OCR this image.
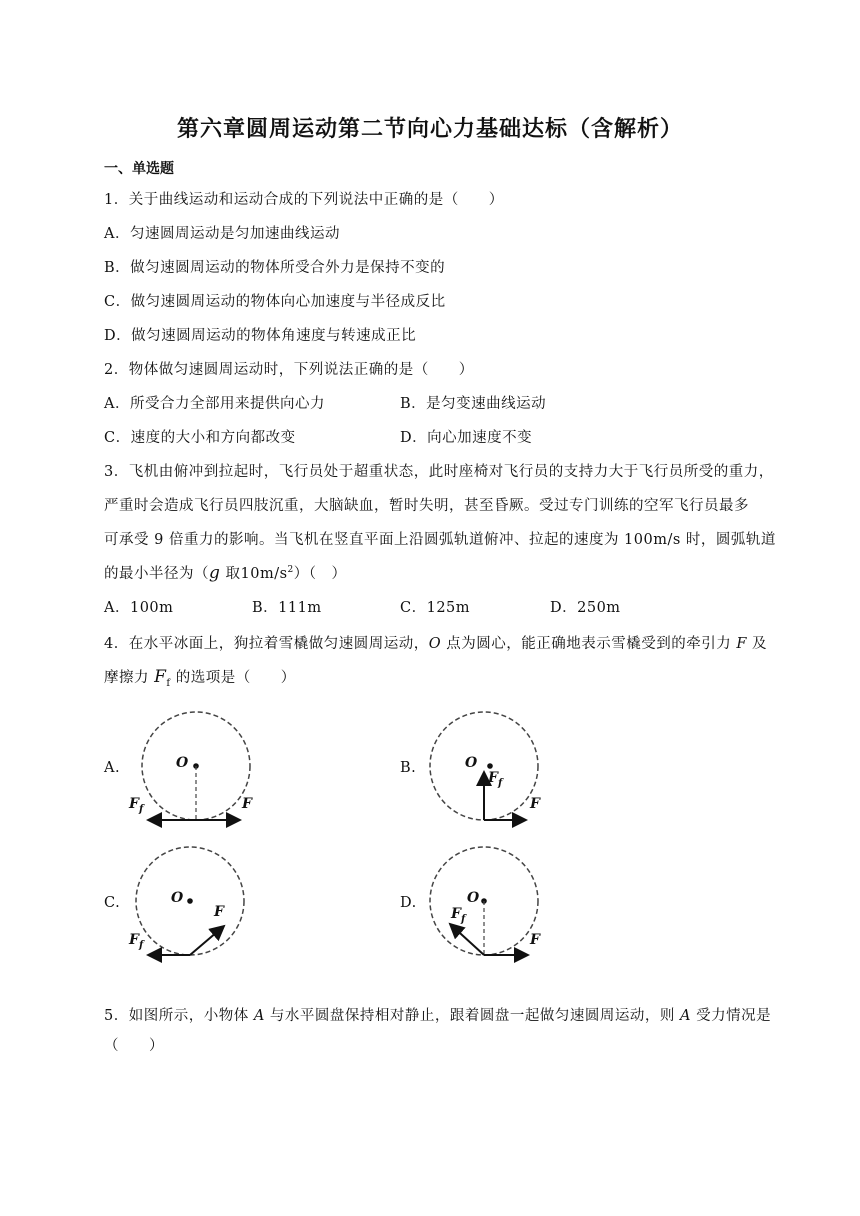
第六章圆周运动第二节向心力基础达标（含解析）
一、单选题
1．关于曲线运动和运动合成的下列说法中正确的是（　　）
A．匀速圆周运动是匀加速曲线运动
B．做匀速圆周运动的物体所受合外力是保持不变的
C．做匀速圆周运动的物体向心加速度与半径成反比
D．做匀速圆周运动的物体角速度与转速成正比
2．物体做匀速圆周运动时，下列说法正确的是（　　）
A．所受合力全部用来提供向心力	B．是匀变速曲线运动
C．速度的大小和方向都改变	D．向心加速度不变
3．飞机由俯冲到拉起时，飞行员处于超重状态，此时座椅对飞行员的支持力大于飞行员所受的重力，
严重时会造成飞行员四肢沉重，大脑缺血，暂时失明，甚至昏厥。受过专门训练的空军飞行员最多
可承受 9 倍重力的影响。当飞机在竖直平面上沿圆弧轨道俯冲、拉起的速度为 100m/s 时，圆弧轨道
的最小半径为（g 取$10m/s^2$）（　）
A．100m	B．111m	C．125m	D．250m
4．在水平冰面上，狗拉着雪橇做匀速圆周运动，O 点为圆心，能正确地表示雪橇受到的牵引力 F 及
摩擦力 $F_f$ 的选项是（　　）
A.	B.
C.	D.
O
F
$F_f$
O
$F_f$
F
O
F
$F_f$
O
$F_f$
F
5．如图所示，小物体 A 与水平圆盘保持相对静止，跟着圆盘一起做匀速圆周运动，则 A 受力情况是
（　　）
